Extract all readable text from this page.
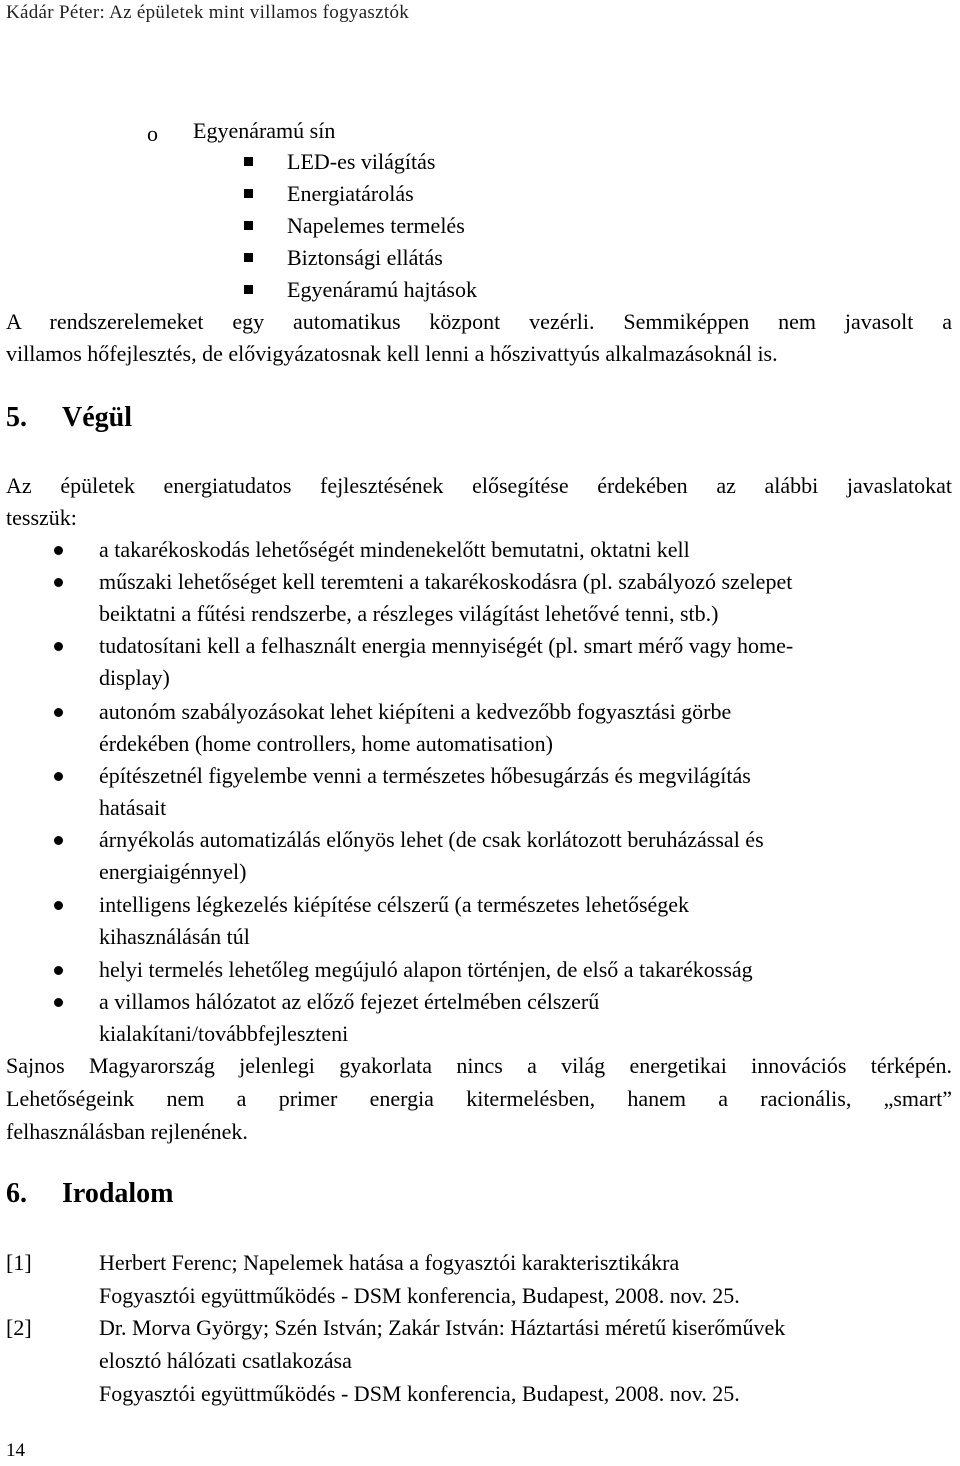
Kádár Péter: Az épületek mint villamos fogyasztók
o Egyenáramú sín
LED-es világítás
Energiatárolás
Napelemes termelés
Biztonsági ellátás
Egyenáramú hajtások
A rendszerelemeket egy automatikus központ vezérli. Semmiképpen nem javasolt a
villamos hőfejlesztés, de elővigyázatosnak kell lenni a hőszivattyús alkalmazásoknál is.
5. Végül
Az épületek energiatudatos fejlesztésének elősegítése érdekében az alábbi javaslatokat
tesszük:
a takarékoskodás lehetőségét mindenekelőtt bemutatni, oktatni kell
műszaki lehetőséget kell teremteni a takarékoskodásra (pl. szabályozó szelepet
beiktatni a fűtési rendszerbe, a részleges világítást lehetővé tenni, stb.)
tudatosítani kell a felhasznált energia mennyiségét (pl. smart mérő vagy home-
display)
autonóm szabályozásokat lehet kiépíteni a kedvezőbb fogyasztási görbe
érdekében (home controllers, home automatisation)
építészetnél figyelembe venni a természetes hőbesugárzás és megvilágítás
hatásait
árnyékolás automatizálás előnyös lehet (de csak korlátozott beruházással és
energiaigénnyel)
intelligens légkezelés kiépítése célszerű (a természetes lehetőségek
kihasználásán túl
helyi termelés lehetőleg megújuló alapon történjen, de első a takarékosság
a villamos hálózatot az előző fejezet értelmében célszerű
kialakítani/továbbfejleszteni
Sajnos Magyarország jelenlegi gyakorlata nincs a világ energetikai innovációs térképén.
Lehetőségeink nem a primer energia kitermelésben, hanem a racionális, „smart”
felhasználásban rejlenének.
6. Irodalom
[1]	Herbert Ferenc; Napelemek hatása a fogyasztói karakterisztikákra
Fogyasztói együttműködés - DSM konferencia, Budapest, 2008. nov. 25.
[2]	Dr. Morva György; Szén István; Zakár István: Háztartási méretű kiserőművek
elosztó hálózati csatlakozása
Fogyasztói együttműködés - DSM konferencia, Budapest, 2008. nov. 25.
14
